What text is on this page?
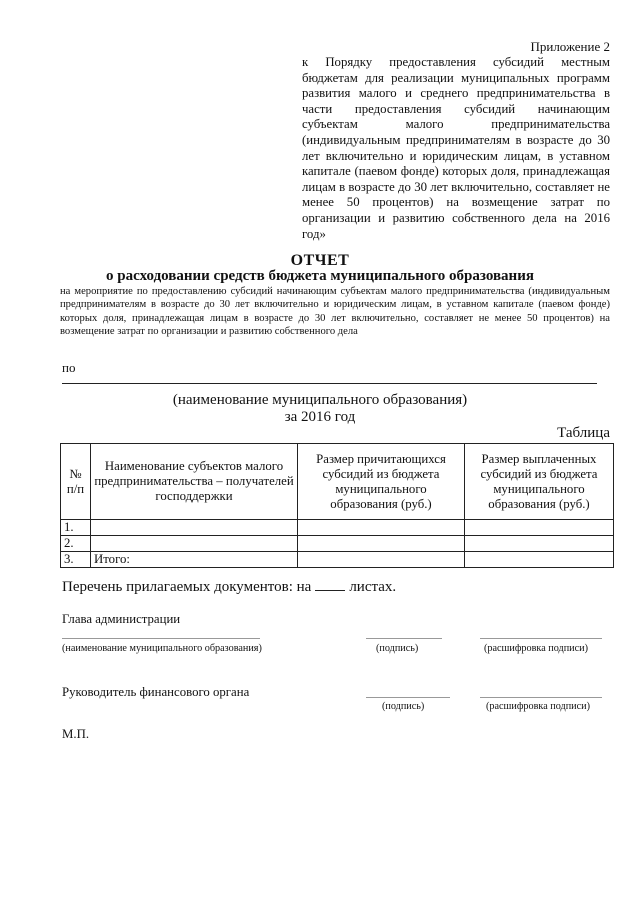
Приложение 2
к Порядку предоставления субсидий местным бюджетам для реализации муниципальных программ развития малого и среднего предпринимательства в части предоставления субсидий начинающим субъектам малого предпринимательства (индивидуальным предпринимателям в возрасте до 30 лет включительно и юридическим лицам, в уставном капитале (паевом фонде) которых доля, принадлежащая лицам в возрасте до 30 лет включительно, составляет не менее 50 процентов) на возмещение затрат по организации и развитию собственного дела на 2016 год»
ОТЧЕТ
о расходовании средств бюджета муниципального образования
на мероприятие по предоставлению субсидий начинающим субъектам малого предпринимательства (индивидуальным предпринимателям в возрасте до 30 лет включительно и юридическим лицам, в уставном капитале (паевом фонде) которых доля, принадлежащая лицам в возрасте до 30 лет включительно, составляет не менее 50 процентов) на возмещение затрат по организации и развитию собственного дела
по
(наименование муниципального образования)
за 2016 год
Таблица
№ п/п	Наименование субъектов малого предпринимательства – получателей господдержки	Размер причитающихся субсидий из бюджета муниципального образования (руб.)	Размер выплаченных субсидий из бюджета муниципального образования (руб.)
1.			
2.			
3.	Итого:		
Перечень прилагаемых документов: на	листах.
Глава администрации
(наименование муниципального образования)	(подпись)	(расшифровка подписи)
Руководитель финансового органа
(подпись)	(расшифровка подписи)
М.П.
